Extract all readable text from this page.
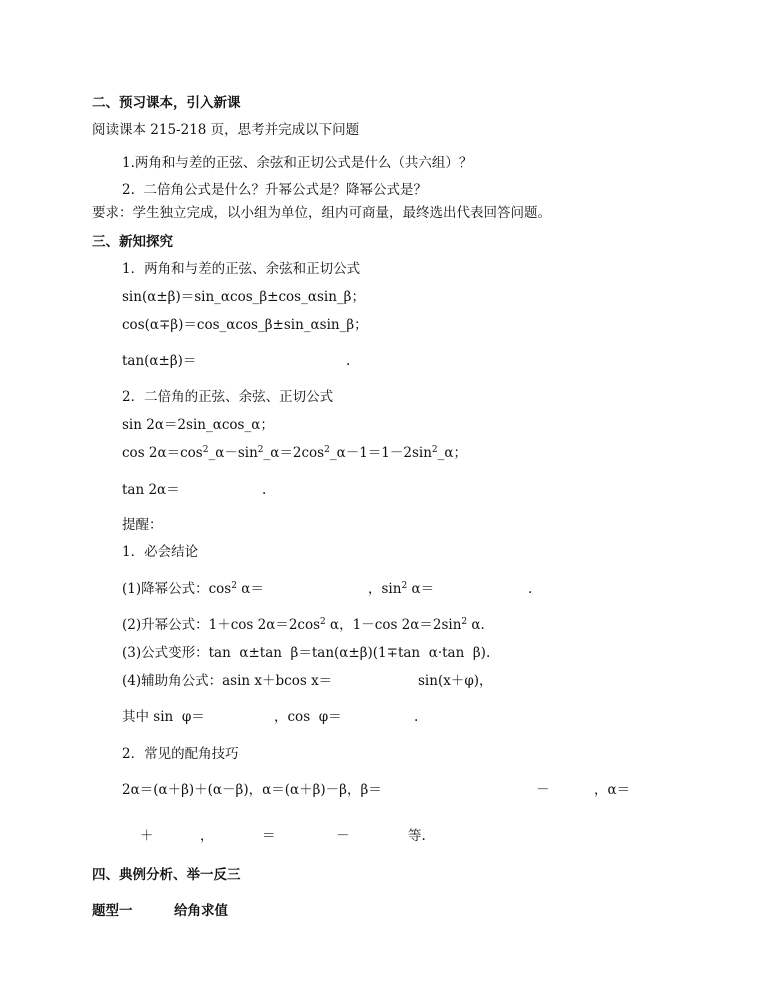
二、预习课本，引入新课
阅读课本 215-218 页，思考并完成以下问题
1.两角和与差的正弦、余弦和正切公式是什么（共六组）？
2.  二倍角公式是什么？升幂公式是？降幂公式是？
要求：学生独立完成，以小组为单位，组内可商量，最终选出代表回答问题。
三、新知探究
1．两角和与差的正弦、余弦和正切公式
sin(α±β)＝sin_αcos_β±cos_αsin_β；
cos(α∓β)＝cos_αcos_β±sin_αsin_β；
tan(α±β)＝	.
2．二倍角的正弦、余弦、正切公式
sin 2α＝2sin_αcos_α；
$\cos 2\alpha=\cos^2\_\alpha-\sin^2\_\alpha=2\cos^2\_\alpha-1=1-2\sin^2\_\alpha$；
tan 2α＝	.
提醒：
1．必会结论
(1)降幂公式：$\cos^2 \alpha=$	，$\sin^2 \alpha=$	.
(2)升幂公式：1＋cos $2\alpha=2\cos^2$ α，1－cos $2\alpha=2\sin^2$ α.
(3)公式变形：tan  α±tan  β＝tan(α±β)(1∓tan  α·tan  β).
(4)辅助角公式：asin x＋bcos x＝	sin(x＋φ)，
其中 sin  φ＝	，cos  φ＝	.
2．常见的配角技巧
2α＝(α＋β)＋(α－β)，α＝(α＋β)－β，β＝	－	，α＝
＋	，	＝	－	等.
四、典例分析、举一反三
题型一	给角求值
